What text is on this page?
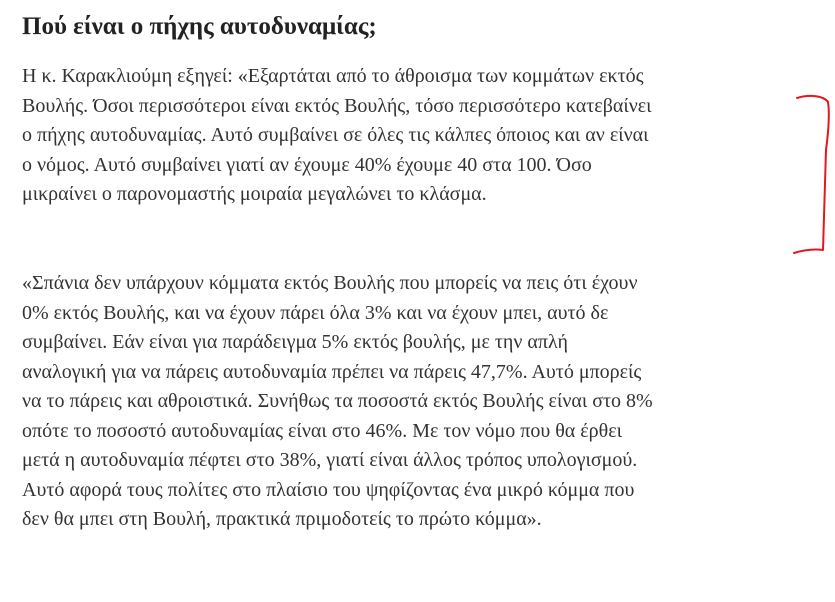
Πού είναι ο πήχης αυτοδυναμίας;

Η κ. Καρακλιούμη εξηγεί: «Εξαρτάται από το άθροισμα των κομμάτων εκτός
Βουλής. Όσοι περισσότεροι είναι εκτός Βουλής, τόσο περισσότερο κατεβαίνει
ο πήχης αυτοδυναμίας. Αυτό συμβαίνει σε όλες τις κάλπες όποιος και αν είναι
ο νόμος. Αυτό συμβαίνει γιατί αν έχουμε 40% έχουμε 40 στα 100. Όσο
μικραίνει ο παρονομαστής μοιραία μεγαλώνει το κλάσμα.

«Σπάνια δεν υπάρχουν κόμματα εκτός Βουλής που μπορείς να πεις ότι έχουν
0% εκτός Βουλής, και να έχουν πάρει όλα 3% και να έχουν μπει, αυτό δε
συμβαίνει. Εάν είναι για παράδειγμα 5% εκτός βουλής, με την απλή
αναλογική για να πάρεις αυτοδυναμία πρέπει να πάρεις 47,7%. Αυτό μπορείς
να το πάρεις και αθροιστικά. Συνήθως τα ποσοστά εκτός Βουλής είναι στο 8%
οπότε το ποσοστό αυτοδυναμίας είναι στο 46%. Με τον νόμο που θα έρθει
μετά η αυτοδυναμία πέφτει στο 38%, γιατί είναι άλλος τρόπος υπολογισμού.
Αυτό αφορά τους πολίτες στο πλαίσιο του ψηφίζοντας ένα μικρό κόμμα που
δεν θα μπει στη Βουλή, πρακτικά πριμοδοτείς το πρώτο κόμμα».
